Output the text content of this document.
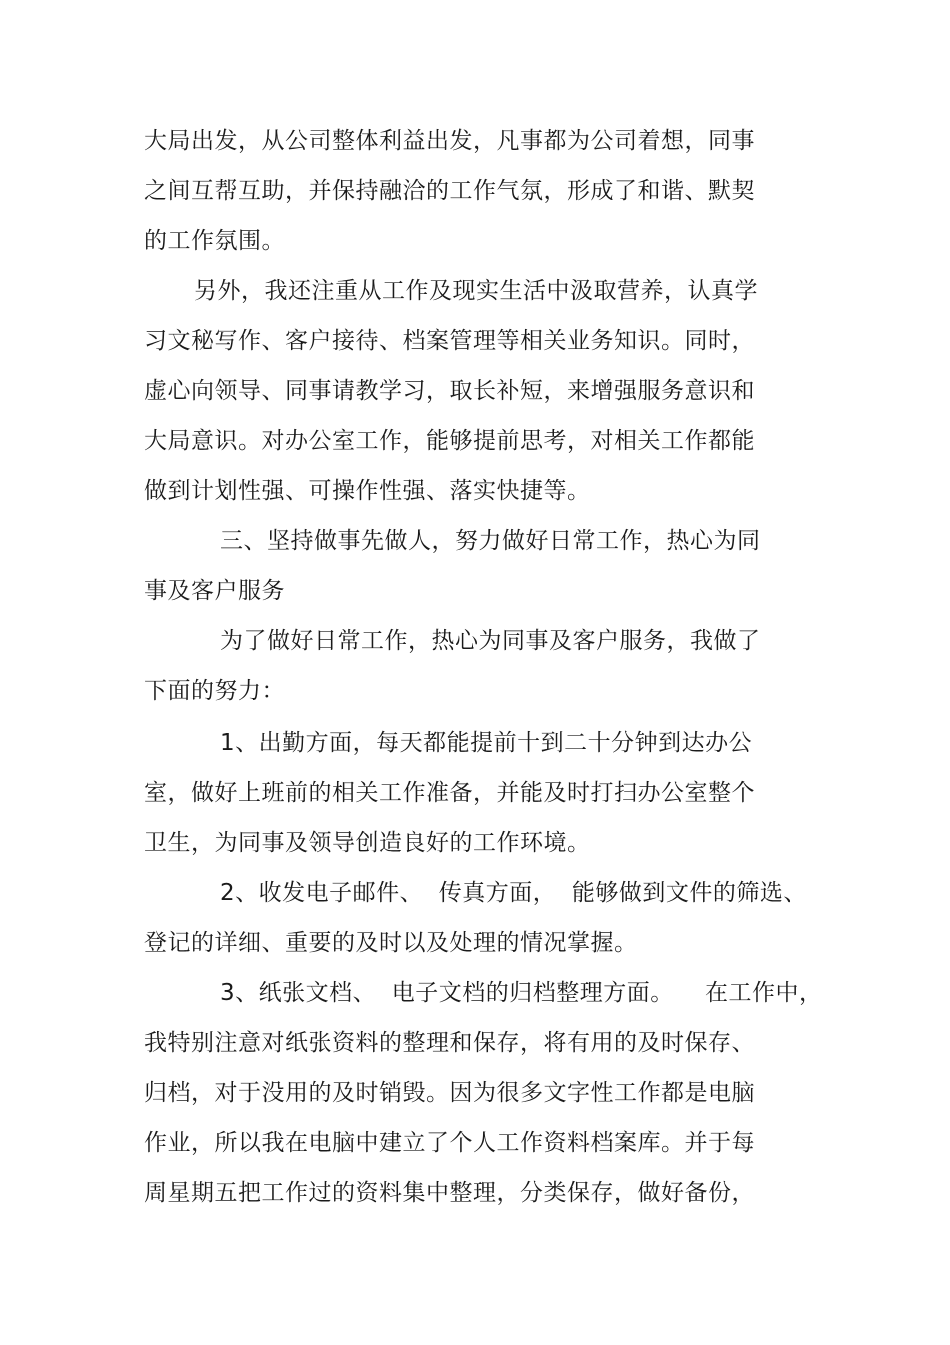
大局出发，从公司整体利益出发，凡事都为公司着想，同事
之间互帮互助，并保持融洽的工作气氛，形成了和谐、默契
的工作氛围。
另外，我还注重从工作及现实生活中汲取营养，认真学
习文秘写作、客户接待、档案管理等相关业务知识。同时，
虚心向领导、同事请教学习，取长补短，来增强服务意识和
大局意识。对办公室工作，能够提前思考，对相关工作都能
做到计划性强、可操作性强、落实快捷等。
三、坚持做事先做人，努力做好日常工作，热心为同
事及客户服务
为了做好日常工作，热心为同事及客户服务，我做了
下面的努力：
1、出勤方面，每天都能提前十到二十分钟到达办公
室，做好上班前的相关工作准备，并能及时打扫办公室整个
卫生，为同事及领导创造良好的工作环境。
2、收发电子邮件、  传真方面，  能够做到文件的筛选、
登记的详细、重要的及时以及处理的情况掌握。
3、纸张文档、  电子文档的归档整理方面。    在工作中，
我特别注意对纸张资料的整理和保存，将有用的及时保存、
归档，对于没用的及时销毁。因为很多文字性工作都是电脑
作业，所以我在电脑中建立了个人工作资料档案库。并于每
周星期五把工作过的资料集中整理，分类保存，做好备份，
